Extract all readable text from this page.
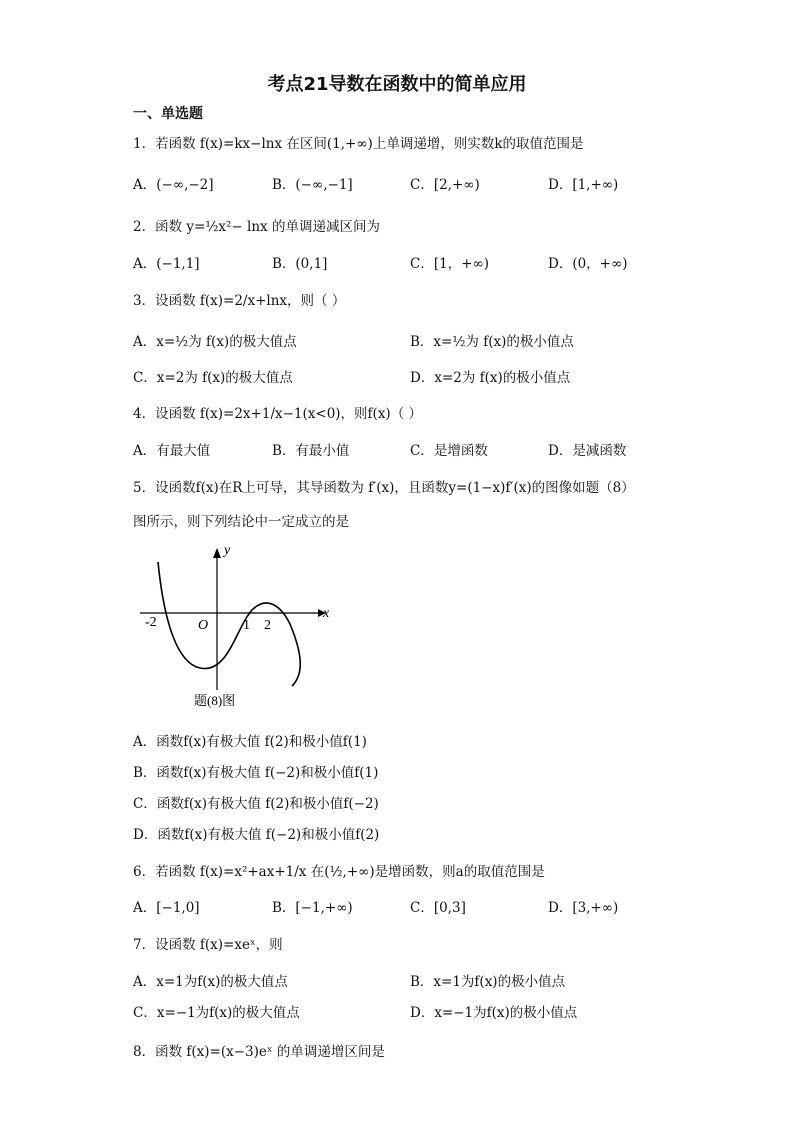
考点21导数在函数中的简单应用
一、单选题
1．若函数 f(x)=kx−lnx 在区间(1,+∞)上单调递增，则实数k的取值范围是
A．(−∞,−2]	B．(−∞,−1]	C．[2,+∞)	D．[1,+∞)
2．函数 y=½x²− lnx 的单调递减区间为
A．(−1,1]	B．(0,1]	C．[1，+∞)	D．(0，+∞)
3．设函数 f(x)=2/x+lnx，则（ ）
A．x=½为 f(x)的极大值点	B．x=½为 f(x)的极小值点
C．x=2为 f(x)的极大值点	D．x=2为 f(x)的极小值点
4．设函数 f(x)=2x+1/x−1(x<0)，则f(x)（ ）
A．有最大值	B．有最小值	C．是增函数	D．是减函数
5．设函数f(x)在R上可导，其导函数为 f′(x)，且函数y=(1−x)f′(x)的图像如题（8）
图所示，则下列结论中一定成立的是
y
x
O
-2	1 2
题(8)图
A．函数f(x)有极大值 f(2)和极小值f(1)
B．函数f(x)有极大值 f(−2)和极小值f(1)
C．函数f(x)有极大值 f(2)和极小值f(−2)
D．函数f(x)有极大值 f(−2)和极小值f(2)
6．若函数 f(x)=x²+ax+1/x 在(½,+∞)是增函数，则a的取值范围是
A．[−1,0]	B．[−1,+∞)	C．[0,3]	D．[3,+∞)
7．设函数 f(x)=xeˣ，则
A．x=1为f(x)的极大值点	B．x=1为f(x)的极小值点
C．x=−1为f(x)的极大值点	D．x=−1为f(x)的极小值点
8．函数 f(x)=(x−3)eˣ 的单调递增区间是
